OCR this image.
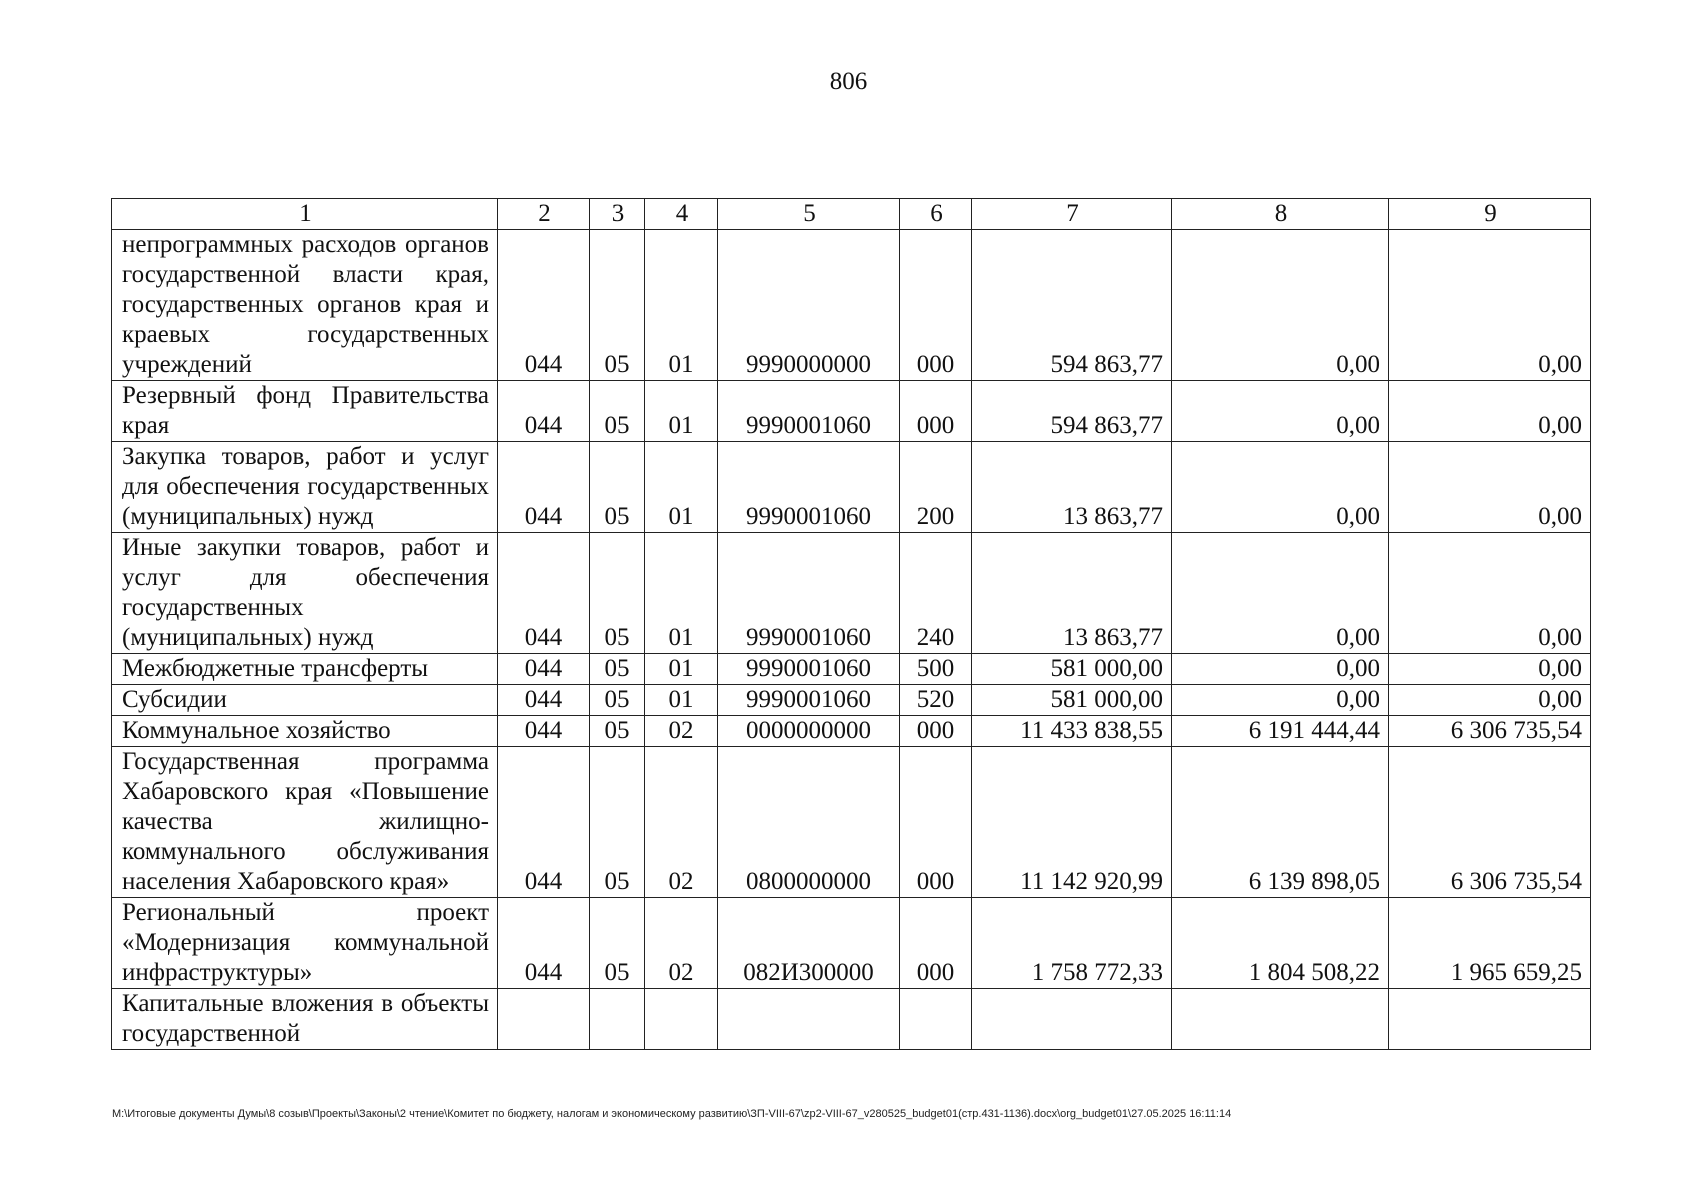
806
1	2	3	4	5	6	7	8	9
непрограммных расходов органов государственной власти края, государственных органов края и краевых государственных учреждений	044	05	01	9990000000	000	594 863,77	0,00	0,00
Резервный фонд Правительства края	044	05	01	9990001060	000	594 863,77	0,00	0,00
Закупка товаров, работ и услуг для обеспечения государственных (муниципальных) нужд	044	05	01	9990001060	200	13 863,77	0,00	0,00
Иные закупки товаров, работ и услуг для обеспечения государственных (муниципальных) нужд	044	05	01	9990001060	240	13 863,77	0,00	0,00
Межбюджетные трансферты	044	05	01	9990001060	500	581 000,00	0,00	0,00
Субсидии	044	05	01	9990001060	520	581 000,00	0,00	0,00
Коммунальное хозяйство	044	05	02	0000000000	000	11 433 838,55	6 191 444,44	6 306 735,54
Государственная программа Хабаровского края «Повышение качества жилищно-коммунального обслуживания населения Хабаровского края»	044	05	02	0800000000	000	11 142 920,99	6 139 898,05	6 306 735,54
Региональный проект «Модернизация коммунальной инфраструктуры»	044	05	02	082И300000	000	1 758 772,33	1 804 508,22	1 965 659,25
Капитальные вложения в объекты государственной								
M:\Итоговые документы Думы\8 созыв\Проекты\Законы\2 чтение\Комитет по бюджету, налогам и экономическому развитию\ЗП-VIII-67\zp2-VIII-67_v280525_budget01(стр.431-1136).docx\org_budget01\27.05.2025 16:11:14
